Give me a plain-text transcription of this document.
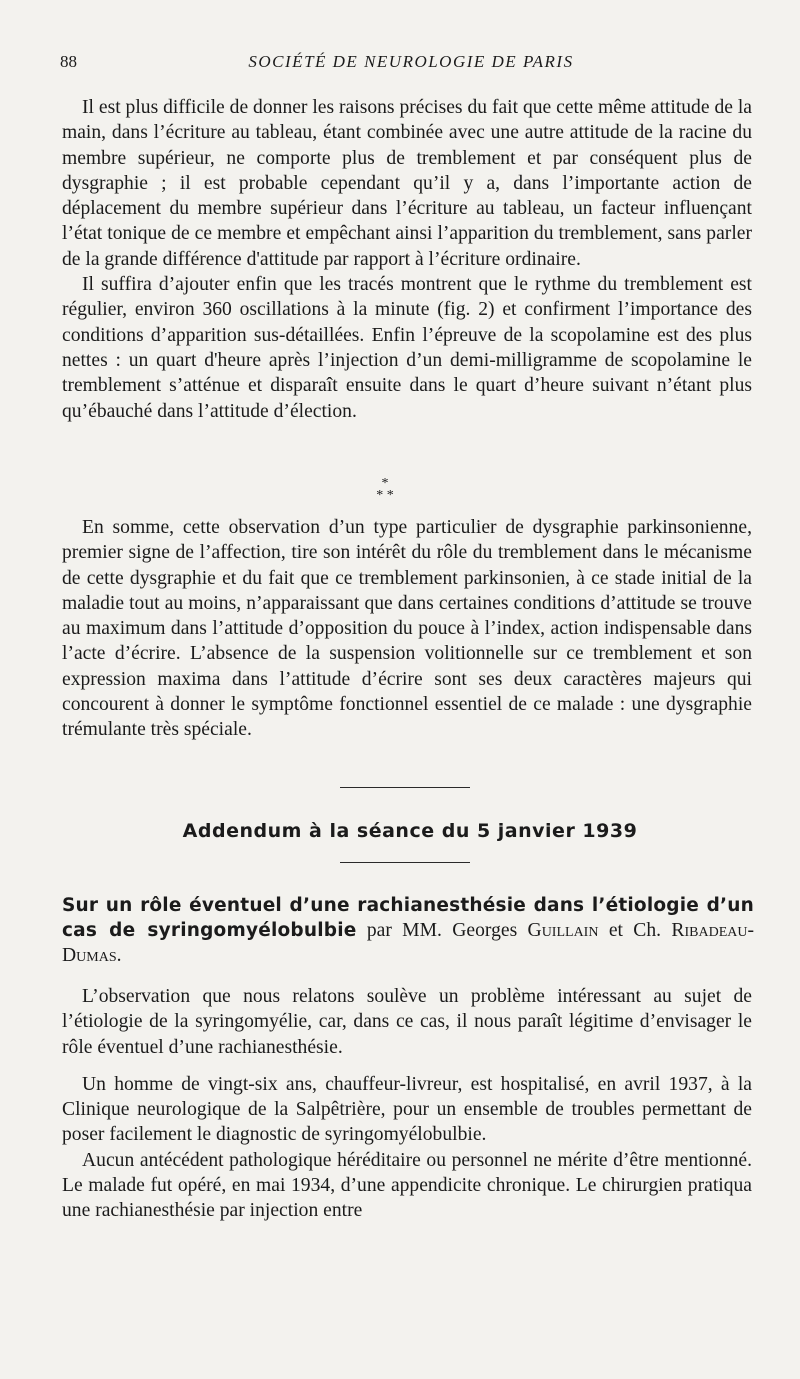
88	SOCIÉTÉ DE NEUROLOGIE DE PARIS

Il est plus difficile de donner les raisons précises du fait que cette même attitude de la main, dans l’écriture au tableau, étant combinée avec une autre attitude de la racine du membre supérieur, ne comporte plus de tremblement et par conséquent plus de dysgraphie ; il est probable cependant qu’il y a, dans l’importante action de déplacement du membre supérieur dans l’écriture au tableau, un facteur influençant l’état tonique de ce membre et empêchant ainsi l’apparition du tremblement, sans parler de la grande différence d'attitude par rapport à l’écriture ordinaire.

Il suffira d’ajouter enfin que les tracés montrent que le rythme du tremblement est régulier, environ 360 oscillations à la minute (fig. 2) et confirment l’importance des conditions d’apparition sus-détaillées. Enfin l’épreuve de la scopolamine est des plus nettes : un quart d'heure après l’injection d’un demi-milligramme de scopolamine le tremblement s’atténue et disparaît ensuite dans le quart d’heure suivant n’étant plus qu’ébauché dans l’attitude d’élection.

*
* *

En somme, cette observation d’un type particulier de dysgraphie parkinsonienne, premier signe de l’affection, tire son intérêt du rôle du tremblement dans le mécanisme de cette dysgraphie et du fait que ce tremblement parkinsonien, à ce stade initial de la maladie tout au moins, n’apparaissant que dans certaines conditions d’attitude se trouve au maximum dans l’attitude d’opposition du pouce à l’index, action indispensable dans l’acte d’écrire. L’absence de la suspension volitionnelle sur ce tremblement et son expression maxima dans l’attitude d’écrire sont ses deux caractères majeurs qui concourent à donner le symptôme fonctionnel essentiel de ce malade : une dysgraphie trémulante très spéciale.

Addendum à la séance du 5 janvier 1939
Sur un rôle éventuel d’une rachianesthésie dans l’étiologie d’un cas de syringomyélobulbie par MM. Georges Guillain et Ch. Ribadeau-Dumas.

L’observation que nous relatons soulève un problème intéressant au sujet de l’étiologie de la syringomyélie, car, dans ce cas, il nous paraît légitime d’envisager le rôle éventuel d’une rachianesthésie.

Un homme de vingt-six ans, chauffeur-livreur, est hospitalisé, en avril 1937, à la Clinique neurologique de la Salpêtrière, pour un ensemble de troubles permettant de poser facilement le diagnostic de syringomyélobulbie.

Aucun antécédent pathologique héréditaire ou personnel ne mérite d’être mentionné. Le malade fut opéré, en mai 1934, d’une appendicite chronique. Le chirurgien pratiqua une rachianesthésie par injection entre
